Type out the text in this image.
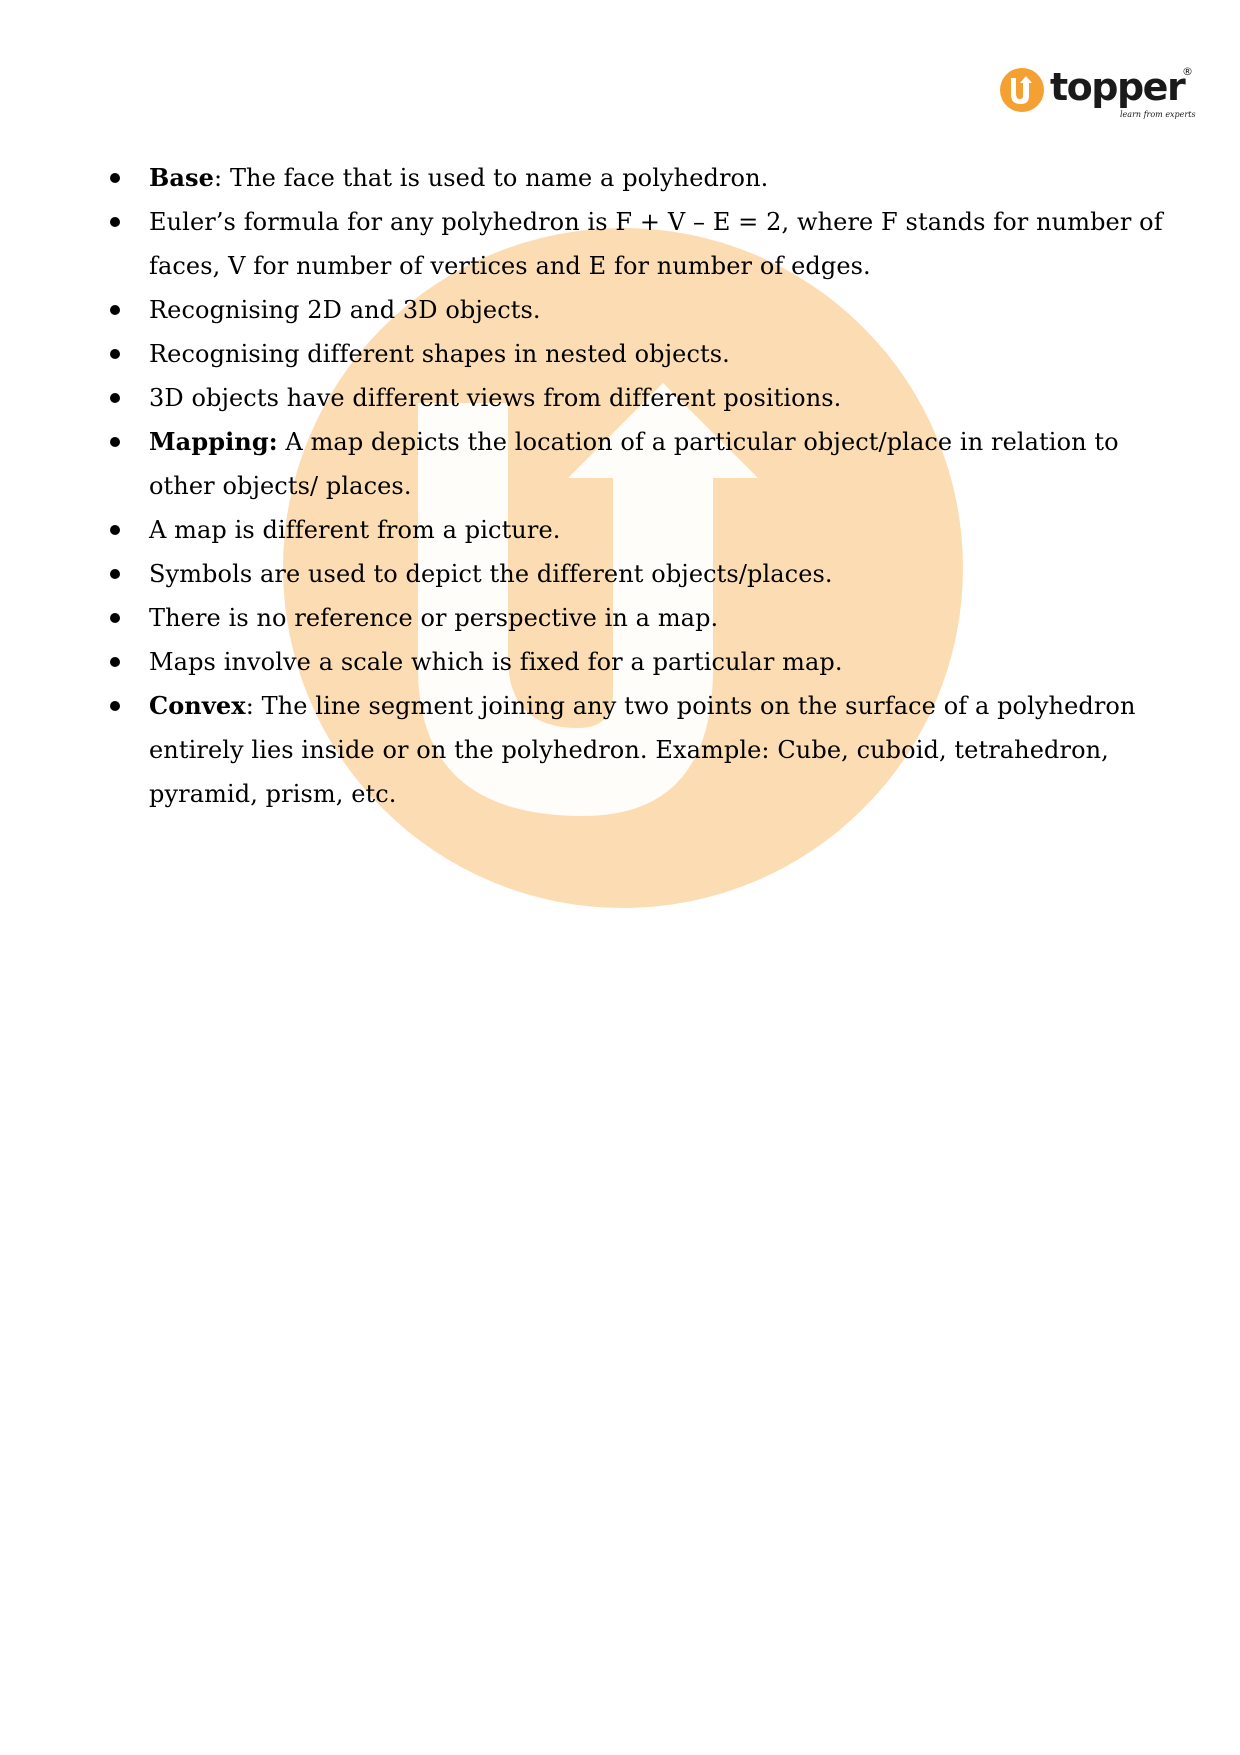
topper
®
learn from experts
Base: The face that is used to name a polyhedron.
Euler’s formula for any polyhedron is F + V – E = 2, where F stands for number of faces, V for number of vertices and E for number of edges.
Recognising 2D and 3D objects.
Recognising different shapes in nested objects.
3D objects have different views from different positions.
Mapping: A map depicts the location of a particular object/place in relation to other objects/ places.
A map is different from a picture.
Symbols are used to depict the different objects/places.
There is no reference or perspective in a map.
Maps involve a scale which is fixed for a particular map.
Convex: The line segment joining any two points on the surface of a polyhedron entirely lies inside or on the polyhedron. Example: Cube, cuboid, tetrahedron, pyramid, prism, etc.
